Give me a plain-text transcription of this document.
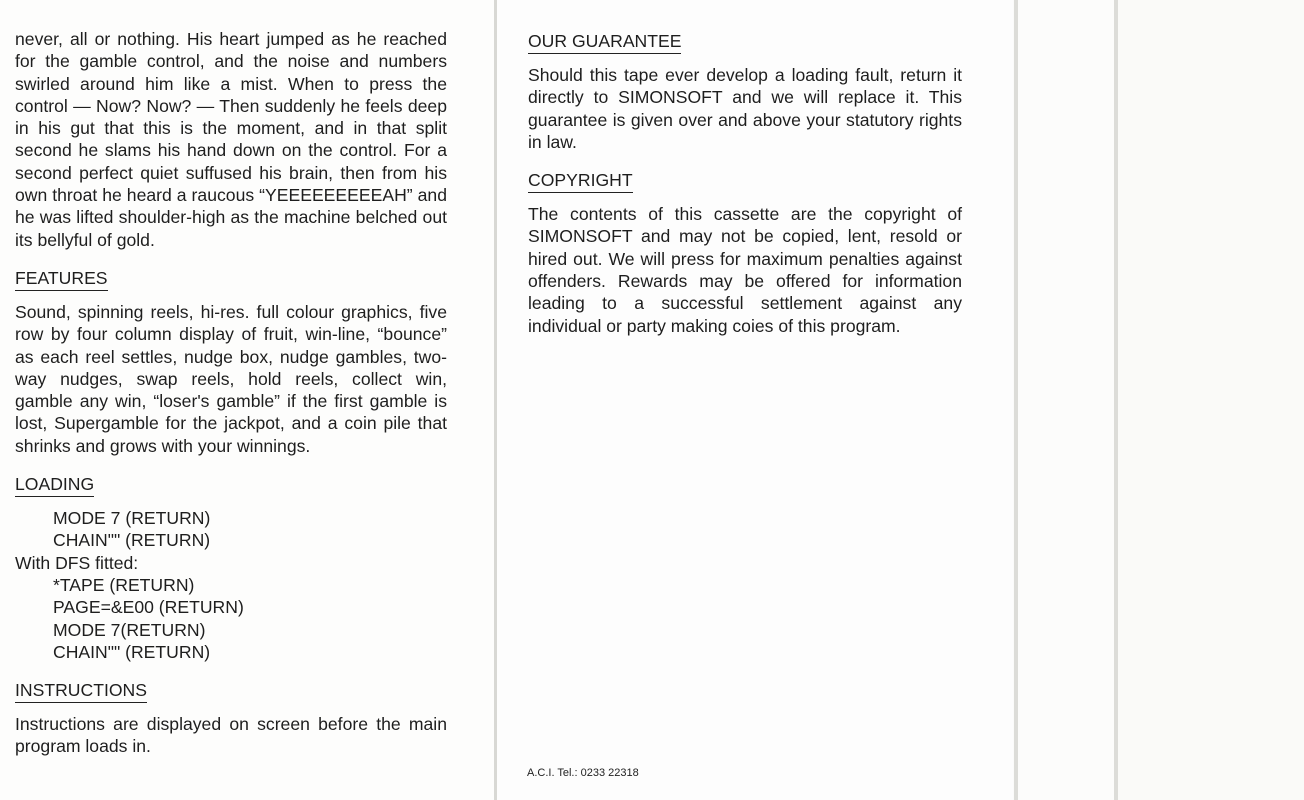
never, all or nothing. His heart jumped as he reached for the gamble control, and the noise and numbers swirled around him like a mist. When to press the control — Now? Now? — Then suddenly he feels deep in his gut that this is the moment, and in that split second he slams his hand down on the control. For a second perfect quiet suffused his brain, then from his own throat he heard a raucous “YEEEEEEEEEAH” and he was lifted shoulder-high as the machine belched out its bellyful of gold.

FEATURES

Sound, spinning reels, hi-res. full colour graphics, five row by four column display of fruit, win-line, “bounce” as each reel settles, nudge box, nudge gambles, two-way nudges, swap reels, hold reels, collect win, gamble any win, “loser's gamble” if the first gamble is lost, Supergamble for the jackpot, and a coin pile that shrinks and grows with your winnings.

LOADING
MODE 7 (RETURN)
CHAIN"" (RETURN)
With DFS fitted:
*TAPE (RETURN)
PAGE=&E00 (RETURN)
MODE 7(RETURN)
CHAIN"" (RETURN)
INSTRUCTIONS

Instructions are displayed on screen before the main program loads in.

OUR GUARANTEE

Should this tape ever develop a loading fault, return it directly to SIMONSOFT and we will replace it. This guarantee is given over and above your statutory rights in law.

COPYRIGHT

The contents of this cassette are the copyright of SIMONSOFT and may not be copied, lent, resold or hired out. We will press for maximum penalties against offenders. Rewards may be offered for information leading to a successful settlement against any individual or party making coies of this program.

A.C.I. Tel.: 0233 22318
